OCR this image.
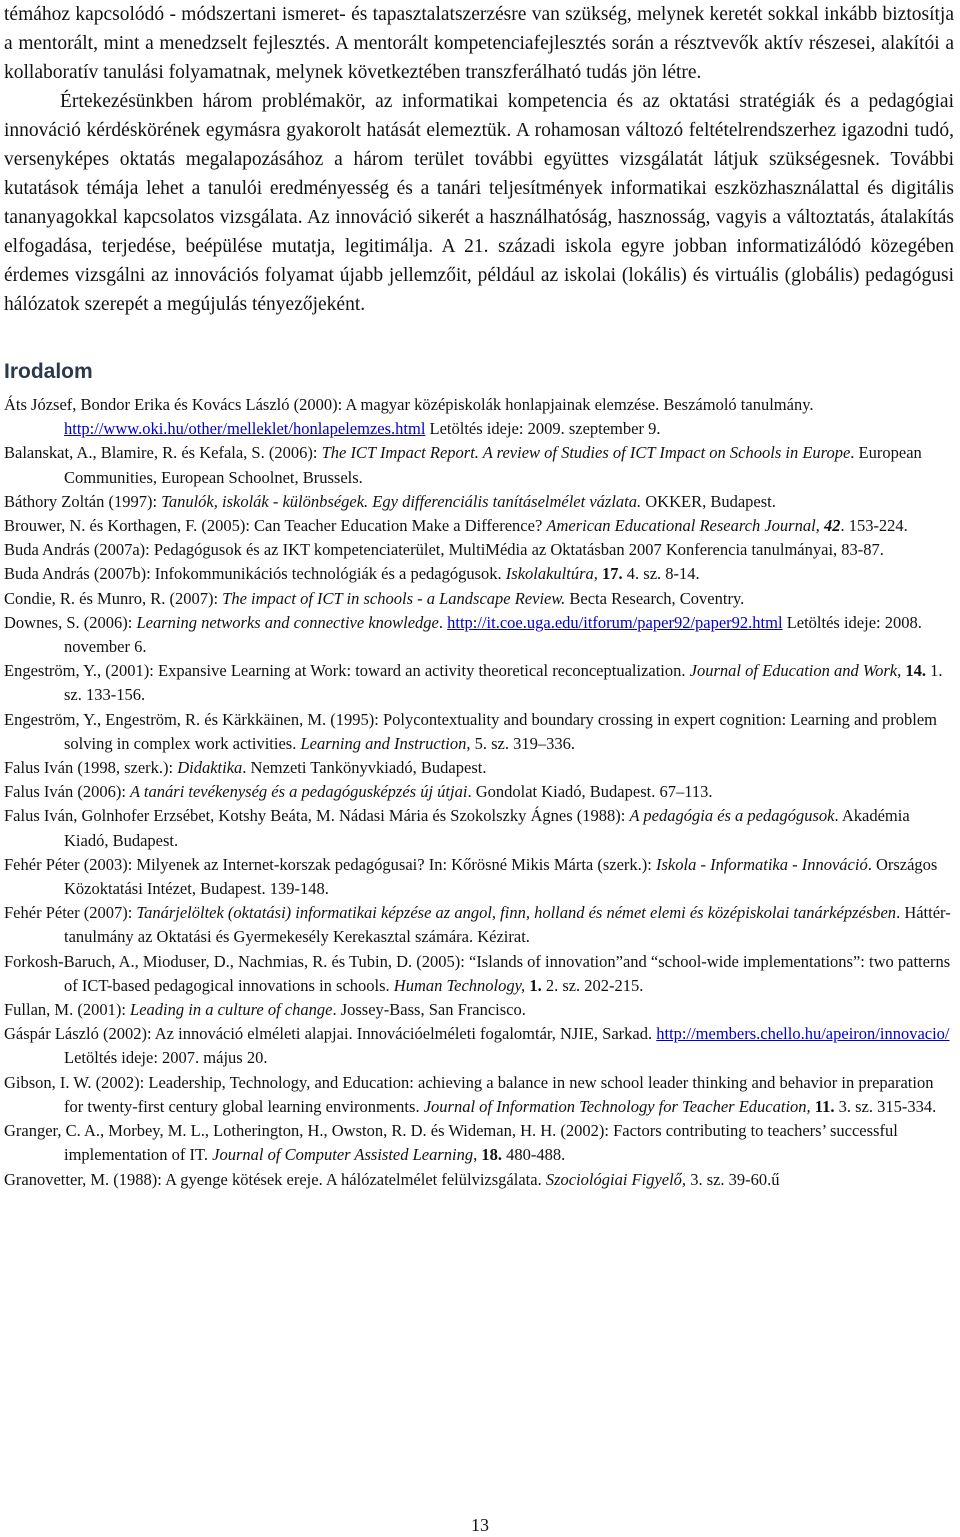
témához kapcsolódó - módszertani ismeret- és tapasztalatszerzésre van szükség, melynek keretét sokkal inkább biztosítja a mentorált, mint a menedzselt fejlesztés. A mentorált kompetenciafejlesztés során a résztvevők aktív részesei, alakítói a kollaboratív tanulási folyamatnak, melynek következtében transzferálható tudás jön létre.

Értekezésünkben három problémakör, az informatikai kompetencia és az oktatási stratégiák és a pedagógiai innováció kérdéskörének egymásra gyakorolt hatását elemeztük. A rohamosan változó feltételrendszerhez igazodni tudó, versenyképes oktatás megalapozásához a három terület további együttes vizsgálatát látjuk szükségesnek. További kutatások témája lehet a tanulói eredményesség és a tanári teljesítmények informatikai eszközhasználattal és digitális tananyagokkal kapcsolatos vizsgálata. Az innováció sikerét a használhatóság, hasznosság, vagyis a változtatás, átalakítás elfogadása, terjedése, beépülése mutatja, legitimálja. A 21. századi iskola egyre jobban informatizálódó közegében érdemes vizsgálni az innovációs folyamat újabb jellemzőit, például az iskolai (lokális) és virtuális (globális) pedagógusi hálózatok szerepét a megújulás tényezőjeként.

Irodalom
Áts József, Bondor Erika és Kovács László (2000): A magyar középiskolák honlapjainak elemzése. Beszámoló tanulmány. http://www.oki.hu/other/melleklet/honlapelemzes.html Letöltés ideje: 2009. szeptember 9.
Balanskat, A., Blamire, R. és Kefala, S. (2006): The ICT Impact Report. A review of Studies of ICT Impact on Schools in Europe. European Communities, European Schoolnet, Brussels.
Báthory Zoltán (1997): Tanulók, iskolák - különbségek. Egy differenciális tanításelmélet vázlata. OKKER, Budapest.
Brouwer, N. és Korthagen, F. (2005): Can Teacher Education Make a Difference? American Educational Research Journal, 42. 153-224.
Buda András (2007a): Pedagógusok és az IKT kompetenciaterület, MultiMédia az Oktatásban 2007 Konferencia tanulmányai, 83-87.
Buda András (2007b): Infokommunikációs technológiák és a pedagógusok. Iskolakultúra, 17. 4. sz. 8-14.
Condie, R. és Munro, R. (2007): The impact of ICT in schools - a Landscape Review. Becta Research, Coventry.
Downes, S. (2006): Learning networks and connective knowledge. http://it.coe.uga.edu/itforum/paper92/paper92.html Letöltés ideje: 2008. november 6.
Engeström, Y., (2001): Expansive Learning at Work: toward an activity theoretical reconceptualization. Journal of Education and Work, 14. 1. sz. 133-156.
Engeström, Y., Engeström, R. és Kärkkäinen, M. (1995): Polycontextuality and boundary crossing in expert cognition: Learning and problem solving in complex work activities. Learning and Instruction, 5. sz. 319–336.
Falus Iván (1998, szerk.): Didaktika. Nemzeti Tankönyvkiadó, Budapest.
Falus Iván (2006): A tanári tevékenység és a pedagógusképzés új útjai. Gondolat Kiadó, Budapest. 67–113.
Falus Iván, Golnhofer Erzsébet, Kotshy Beáta, M. Nádasi Mária és Szokolszky Ágnes (1988): A pedagógia és a pedagógusok. Akadémia Kiadó, Budapest.
Fehér Péter (2003): Milyenek az Internet-korszak pedagógusai? In: Kőrösné Mikis Márta (szerk.): Iskola - Informatika - Innováció. Országos Közoktatási Intézet, Budapest. 139-148.
Fehér Péter (2007): Tanárjelöltek (oktatási) informatikai képzése az angol, finn, holland és német elemi és középiskolai tanárképzésben. Háttér-tanulmány az Oktatási és Gyermekesély Kerekasztal számára. Kézirat.
Forkosh-Baruch, A., Mioduser, D., Nachmias, R. és Tubin, D. (2005): “Islands of innovation”and “school-wide implementations”: two patterns of ICT-based pedagogical innovations in schools. Human Technology, 1. 2. sz. 202-215.
Fullan, M. (2001): Leading in a culture of change. Jossey-Bass, San Francisco.
Gáspár László (2002): Az innováció elméleti alapjai. Innovációelméleti fogalomtár, NJIE, Sarkad. http://members.chello.hu/apeiron/innovacio/ Letöltés ideje: 2007. május 20.
Gibson, I. W. (2002): Leadership, Technology, and Education: achieving a balance in new school leader thinking and behavior in preparation for twenty-first century global learning environments. Journal of Information Technology for Teacher Education, 11. 3. sz. 315-334.
Granger, C. A., Morbey, M. L., Lotherington, H., Owston, R. D. és Wideman, H. H. (2002): Factors contributing to teachers’ successful implementation of IT. Journal of Computer Assisted Learning, 18. 480-488.
Granovetter, M. (1988): A gyenge kötések ereje. A hálózatelmélet felülvizsgálata. Szociológiai Figyelő, 3. sz. 39-60.ű
13
